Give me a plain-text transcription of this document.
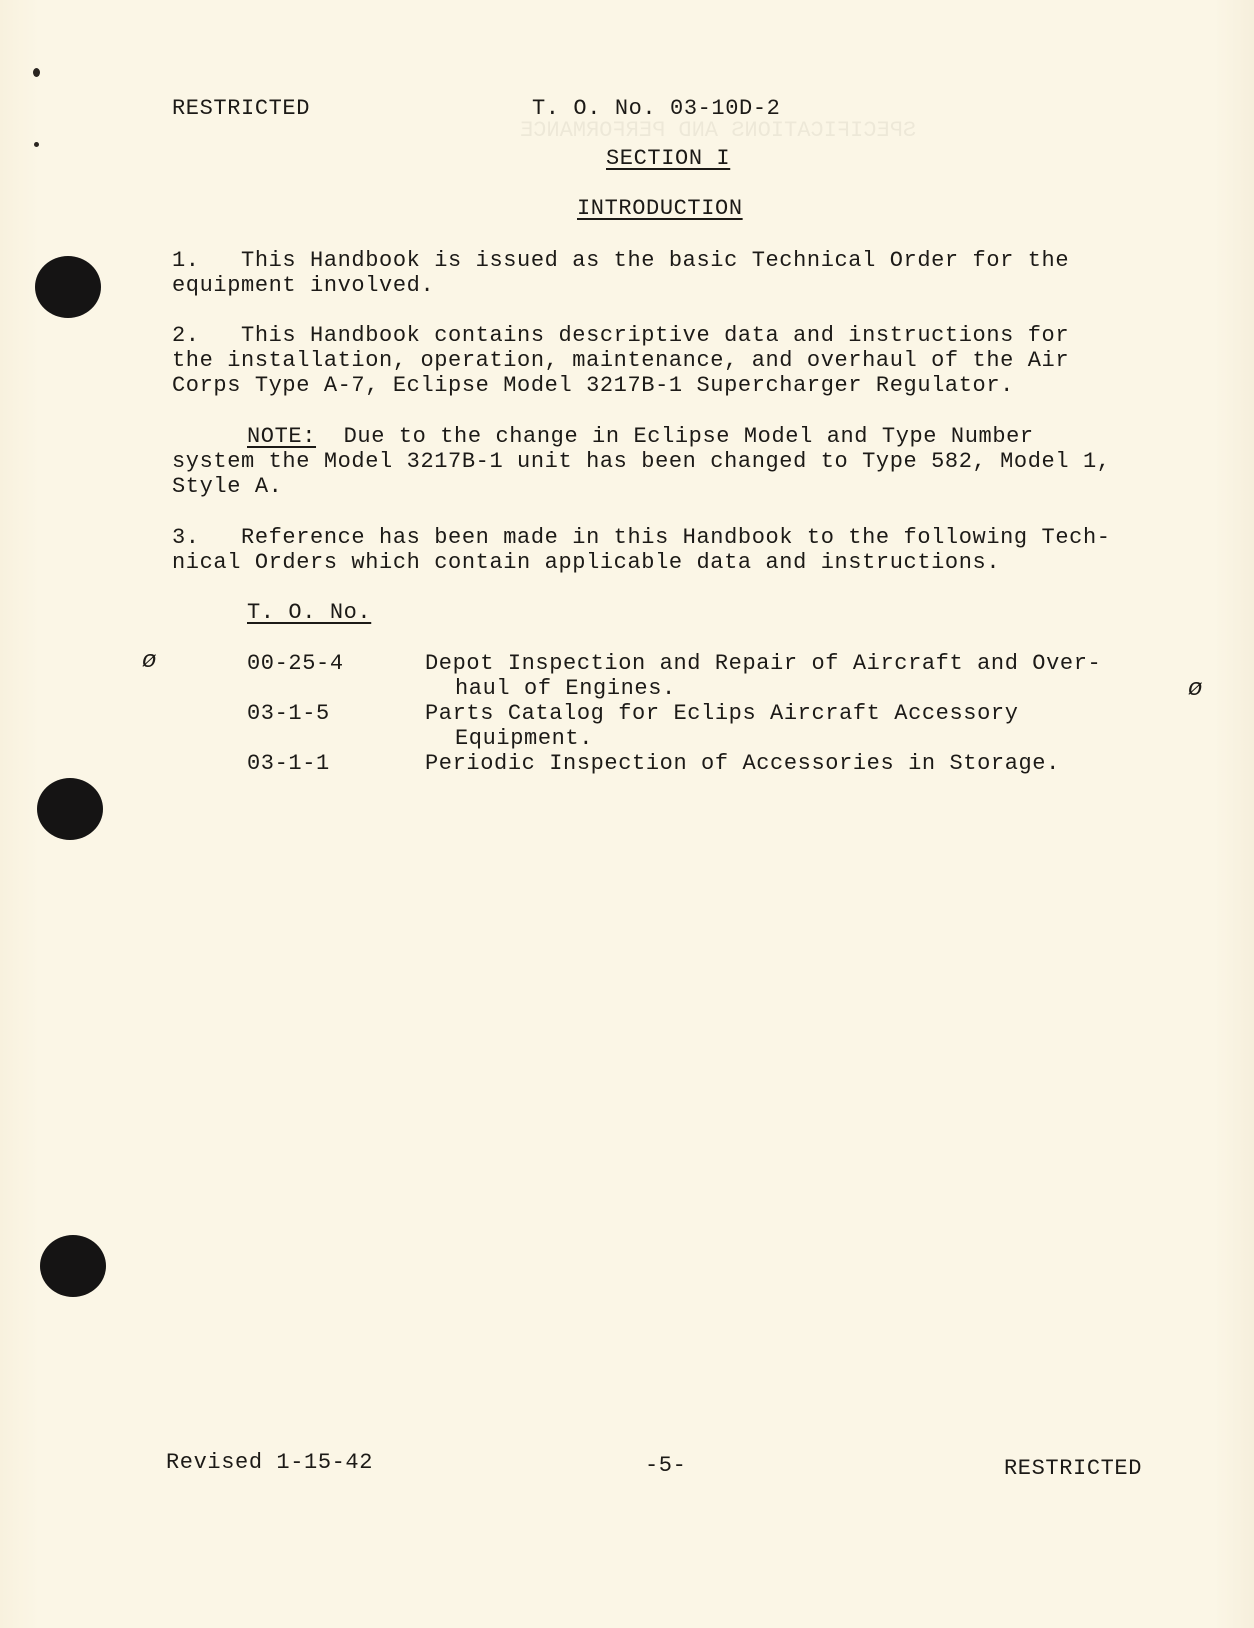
SPECIFICATIONS AND PERFORMANCE
RESTRICTED	T. O. No. 03-10D-2
SECTION I
INTRODUCTION
1.   This Handbook is issued as the basic Technical Order for the
equipment involved.
2.   This Handbook contains descriptive data and instructions for
the installation, operation, maintenance, and overhaul of the Air
Corps Type A-7, Eclipse Model 3217B-1 Supercharger Regulator.
NOTE:  Due to the change in Eclipse Model and Type Number
system the Model 3217B-1 unit has been changed to Type 582, Model 1,
Style A.
3.   Reference has been made in this Handbook to the following Tech-
nical Orders which contain applicable data and instructions.
T. O. No.
ø
ø
00-25-4	Depot Inspection and Repair of Aircraft and Over-
haul of Engines.
03-1-5	Parts Catalog for Eclips Aircraft Accessory
Equipment.
03-1-1	Periodic Inspection of Accessories in Storage.
Revised 1-15-42	-5-	RESTRICTED
